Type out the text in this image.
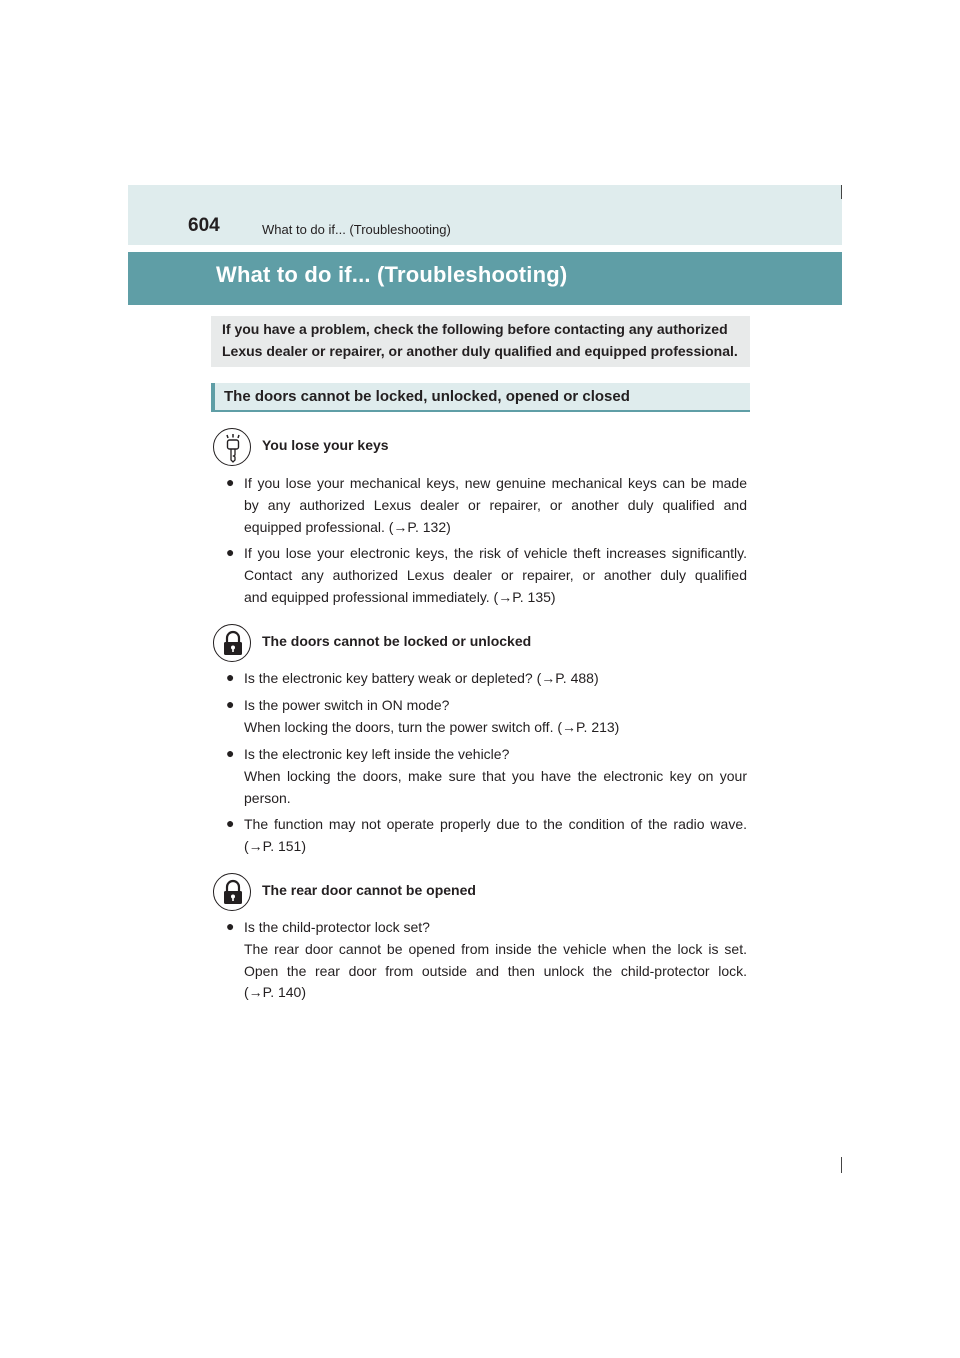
604	What to do if... (Troubleshooting)
What to do if... (Troubleshooting)
If you have a problem, check the following before contacting any authorized
Lexus dealer or repairer, or another duly qualified and equipped professional.
The doors cannot be locked, unlocked, opened or closed
You lose your keys
● If you lose your mechanical keys, new genuine mechanical keys can be made
by any authorized Lexus dealer or repairer, or another duly qualified and
equipped professional. (→P. 132)
● If you lose your electronic keys, the risk of vehicle theft increases significantly.
Contact any authorized Lexus dealer or repairer, or another duly qualified
and equipped professional immediately. (→P. 135)
The doors cannot be locked or unlocked
● Is the electronic key battery weak or depleted? (→P. 488)
● Is the power switch in ON mode?
When locking the doors, turn the power switch off. (→P. 213)
● Is the electronic key left inside the vehicle?
When locking the doors, make sure that you have the electronic key on your
person.
● The function may not operate properly due to the condition of the radio wave.
(→P. 151)
The rear door cannot be opened
● Is the child-protector lock set?
The rear door cannot be opened from inside the vehicle when the lock is set.
Open the rear door from outside and then unlock the child-protector lock.
(→P. 140)
